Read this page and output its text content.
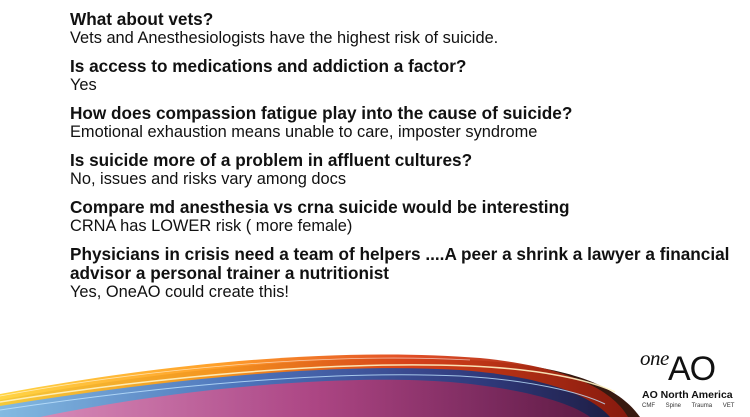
What about vets?
Vets and Anesthesiologists have the highest risk of suicide.
Is access to medications and addiction a factor?
Yes
How does compassion fatigue play into the cause of suicide?
Emotional exhaustion means unable to care, imposter syndrome
Is suicide more of a problem in affluent cultures?
No, issues and risks vary among docs
Compare md anesthesia vs crna suicide would be interesting
CRNA has LOWER risk ( more female)
Physicians in crisis need a team of helpers ....A peer a shrink a lawyer a financial advisor a personal trainer a nutritionist
Yes, OneAO could create this!
one AO
AO North America
CMF Spine Trauma VET
